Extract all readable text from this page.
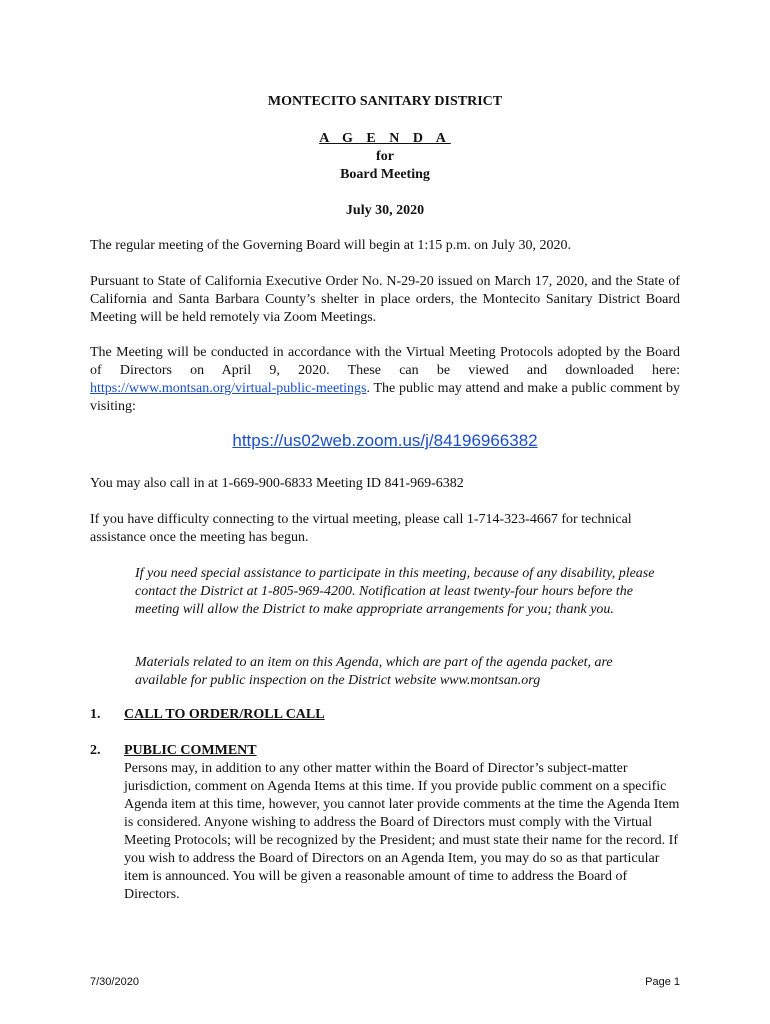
MONTECITO SANITARY DISTRICT
A G E N D A
for
Board Meeting
July 30, 2020
The regular meeting of the Governing Board will begin at 1:15 p.m. on July 30, 2020.
Pursuant to State of California Executive Order No. N-29-20 issued on March 17, 2020, and the State of California and Santa Barbara County’s shelter in place orders, the Montecito Sanitary District Board Meeting will be held remotely via Zoom Meetings.
The Meeting will be conducted in accordance with the Virtual Meeting Protocols adopted by the Board of Directors on April 9, 2020. These can be viewed and downloaded here: https://www.montsan.org/virtual-public-meetings. The public may attend and make a public comment by visiting:
https://us02web.zoom.us/j/84196966382
You may also call in at 1-669-900-6833 Meeting ID 841-969-6382
If you have difficulty connecting to the virtual meeting, please call 1-714-323-4667 for technical assistance once the meeting has begun.
If you need special assistance to participate in this meeting, because of any disability, please contact the District at 1-805-969-4200. Notification at least twenty-four hours before the meeting will allow the District to make appropriate arrangements for you; thank you.
Materials related to an item on this Agenda, which are part of the agenda packet, are available for public inspection on the District website www.montsan.org
1. CALL TO ORDER/ROLL CALL
2. PUBLIC COMMENT
Persons may, in addition to any other matter within the Board of Director’s subject-matter jurisdiction, comment on Agenda Items at this time. If you provide public comment on a specific Agenda item at this time, however, you cannot later provide comments at the time the Agenda Item is considered. Anyone wishing to address the Board of Directors must comply with the Virtual Meeting Protocols; will be recognized by the President; and must state their name for the record. If you wish to address the Board of Directors on an Agenda Item, you may do so as that particular item is announced. You will be given a reasonable amount of time to address the Board of Directors.
7/30/2020	Page 1
